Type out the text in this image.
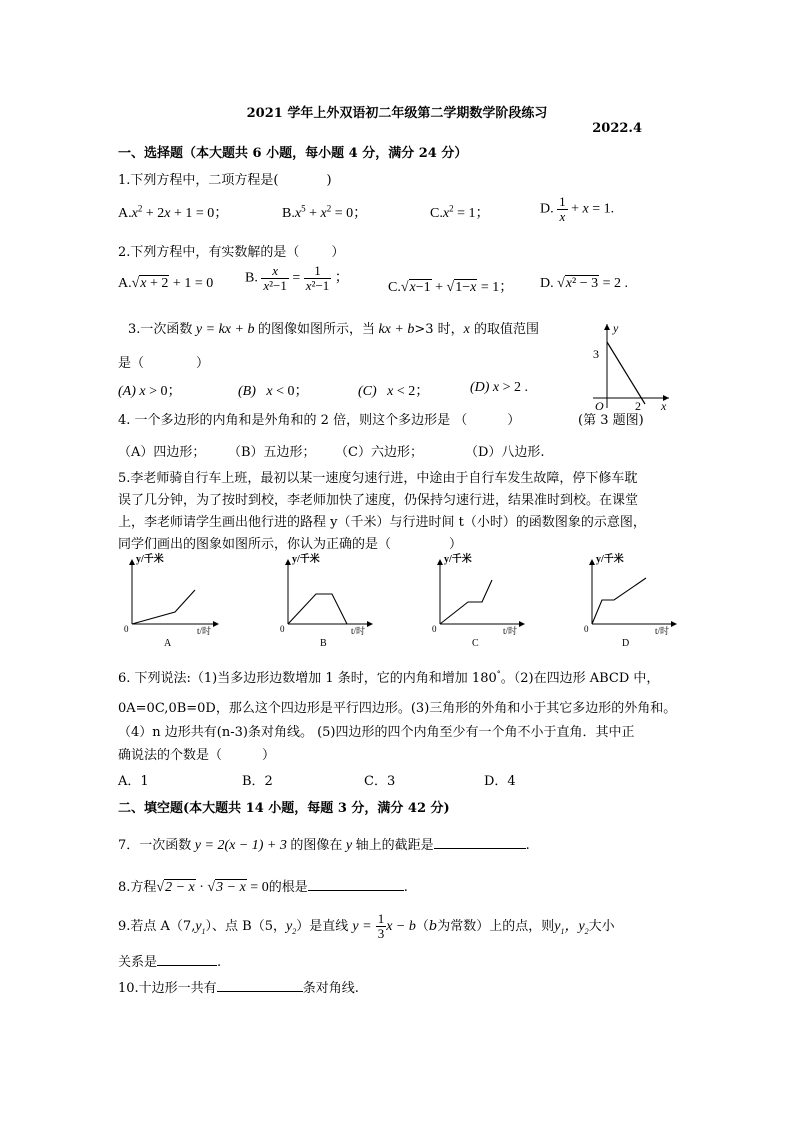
2021 学年上外双语初二年级第二学期数学阶段练习
2022.4
一、选择题（本大题共 6 小题，每小题 4 分，满分 24 分）
1.下列方程中，二项方程是(	)
$A.x^2 + 2x + 1 = 0$；	$B.x^5 + x^2 = 0$；	$C.x^2 = 1$；	D. $\frac{1}{x} + x = 1$.
2.下列方程中，有实数解的是（ ）
A.√x + 2 + 1 = 0 B. $\frac{x}{\text{x²−1}} = \frac{1}{\text{x²−1}}$ ；
C.√x−1 + √1−x = 1； D. √x² − 3 = 2 .
3.一次函数 y = kx + b 的图像如图所示，当 kx + b>3 时，x 的取值范围
是（	）
(A) x > 0；	(B) x < 0；	(C) x < 2；	(D) x > 2 .
y
x
3
O	2
(第 3 题图)
4. 一个多边形的内角和是外角和的 2 倍，则这个多边形是 （	）
（A）四边形； （B）五边形； （C）六边形；	（D）八边形.
5.李老师骑自行车上班，最初以某一速度匀速行进，中途由于自行车发生故障，停下修车耽
误了几分钟，为了按时到校，李老师加快了速度，仍保持匀速行进，结果准时到校。在课堂
上，李老师请学生画出他行进的路程 y（千米）与行进时间 t（小时）的函数图象的示意图，
同学们画出的图象如图所示，你认为正确的是（	）
y/千米
t/时
0
A
y/千米
t/时
0
B
y/千米
t/时
0
C
y/千米
t/时
0
D
6. 下列说法:（1)当多边形边数增加 1 条时，它的内角和增加 180°。（2)在四边形 ABCD 中，
0A=0C,0B=0D，那么这个四边形是平行四边形。(3)三角形的外角和小于其它多边形的外角和。
（4）n 边形共有(n-3)条对角线。 (5)四边形的四个内角至少有一个角不小于直角．其中正
确说法的个数是（	）
A．1	B．2	C．3	D．4
二、填空题(本大题共 14 小题，每题 3 分，满分 42 分)
7．一次函数 y = 2(x − 1) + 3 的图像在 y 轴上的截距是	.
8.方程√2 − x · √3 − x = 0的根是	.
9.若点 $A(7,y_1)$、点 B（5，$y_2$）是直线 $y = \frac{1}{3}$ x − b（b为常数）上的点，则$y_1$，$y_2$大小
关系是	.
10.十边形一共有	条对角线.
